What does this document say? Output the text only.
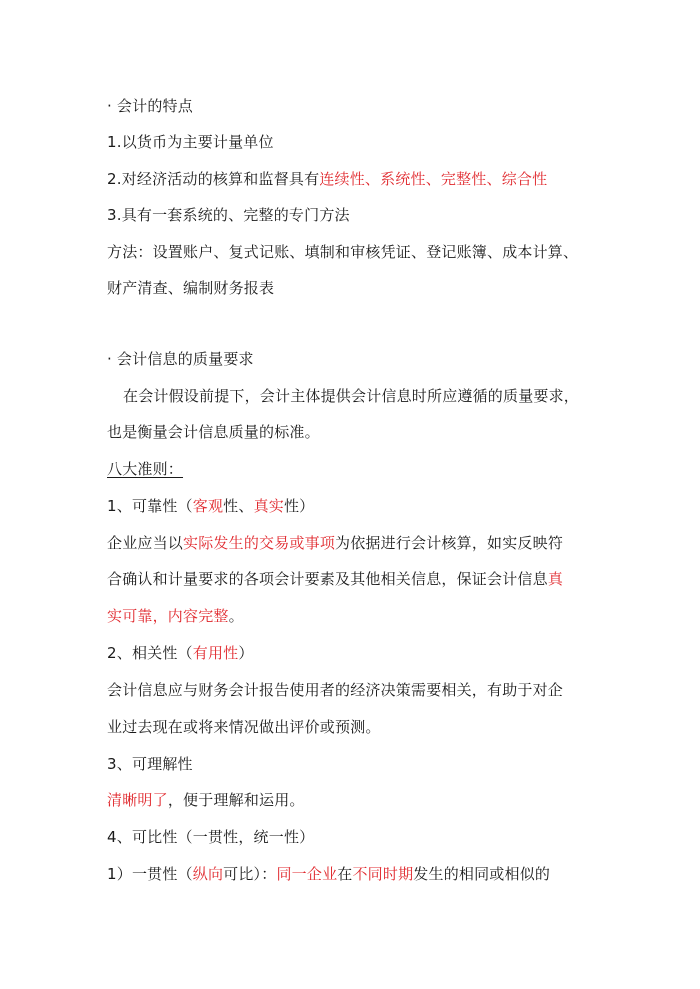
· 会计的特点
1.以货币为主要计量单位
2.对经济活动的核算和监督具有连续性、系统性、完整性、综合性
3.具有一套系统的、完整的专门方法
方法：设置账户、复式记账、填制和审核凭证、登记账簿、成本计算、
财产清查、编制财务报表
· 会计信息的质量要求
在会计假设前提下，会计主体提供会计信息时所应遵循的质量要求，
也是衡量会计信息质量的标准。
八大准则：
1、可靠性（客观性、真实性）
企业应当以实际发生的交易或事项为依据进行会计核算，如实反映符
合确认和计量要求的各项会计要素及其他相关信息，保证会计信息真
实可靠，内容完整。
2、相关性（有用性）
会计信息应与财务会计报告使用者的经济决策需要相关，有助于对企
业过去现在或将来情况做出评价或预测。
3、可理解性
清晰明了，便于理解和运用。
4、可比性（一贯性，统一性）
1）一贯性（纵向可比）：同一企业在不同时期发生的相同或相似的
